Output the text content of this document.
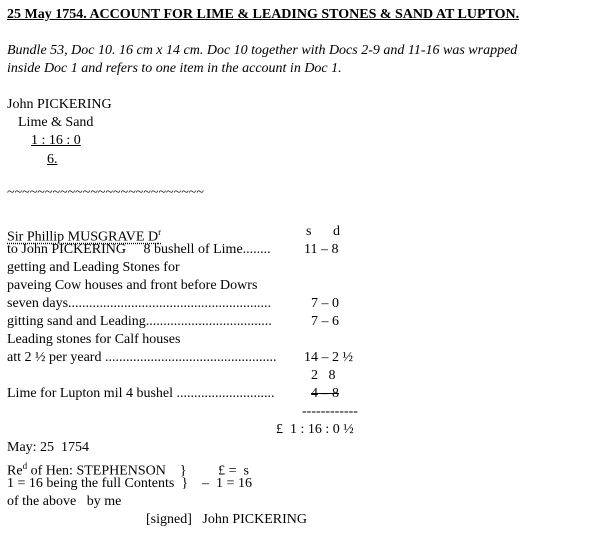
25 May 1754. ACCOUNT FOR LIME & LEADING STONES & SAND AT LUPTON.
Bundle 53, Doc 10. 16 cm x 14 cm. Doc 10 together with Docs 2-9 and 11-16 was wrapped
inside Doc 1 and refers to one item in the account in Doc 1.
John PICKERING
Lime & Sand
1 : 16 : 0
6.
~~~~~~~~~~~~~~~~~~~~~~~~~~
Sir Phillip MUSGRAVE $D^r$	s d
to John PICKERING     8 bushell of Lime........ 11 – 8
getting and Leading Stones for
paveing Cow houses and front before Dowrs
seven days..........................................................	7 – 0
gitting sand and Leading....................................	7 – 6
Leading stones for Calf houses
att 2 ½ per yeard ................................................. 14 – 2 ½
2   8
Lime for Lupton mil 4 bushel ............................	4 – 8
------------
£  1 : 16 : 0 ½
May: 25  1754
Re$^d$ of Hen: STEPHENSON    }         £ =  s
1 = 16 being the full Contents  }    –  1 = 16
of the above   by me
[signed]   John PICKERING
